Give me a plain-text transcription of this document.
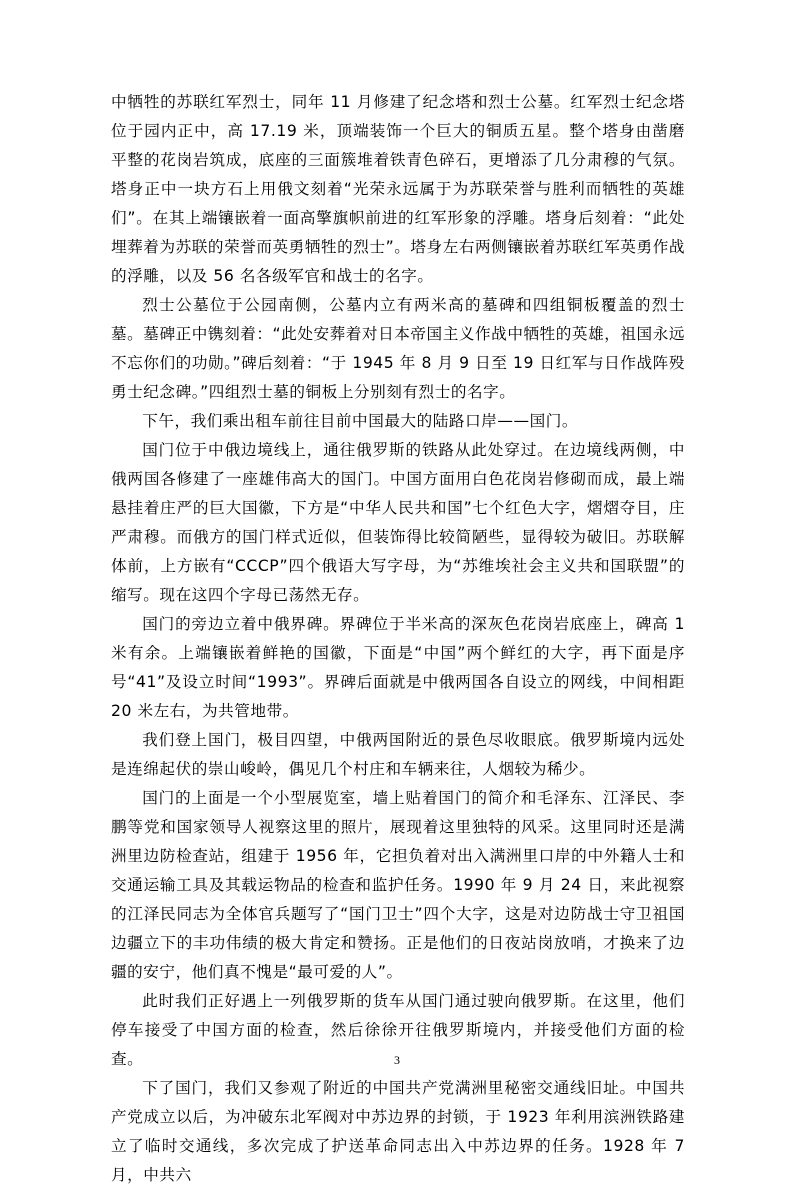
中牺牲的苏联红军烈士，同年 11 月修建了纪念塔和烈士公墓。红军烈士纪念塔位于园内正中，高 17.19 米，顶端装饰一个巨大的铜质五星。整个塔身由凿磨平整的花岗岩筑成，底座的三面簇堆着铁青色碎石，更增添了几分肃穆的气氛。塔身正中一块方石上用俄文刻着“光荣永远属于为苏联荣誉与胜利而牺牲的英雄们”。在其上端镶嵌着一面高擎旗帜前进的红军形象的浮雕。塔身后刻着：“此处埋葬着为苏联的荣誉而英勇牺牲的烈士”。塔身左右两侧镶嵌着苏联红军英勇作战的浮雕，以及 56 名各级军官和战士的名字。

烈士公墓位于公园南侧，公墓内立有两米高的墓碑和四组铜板覆盖的烈士墓。墓碑正中镌刻着：“此处安葬着对日本帝国主义作战中牺牲的英雄，祖国永远不忘你们的功勋。”碑后刻着：“于 1945 年 8 月 9 日至 19 日红军与日作战阵殁勇士纪念碑。”四组烈士墓的铜板上分别刻有烈士的名字。

下午，我们乘出租车前往目前中国最大的陆路口岸——国门。

国门位于中俄边境线上，通往俄罗斯的铁路从此处穿过。在边境线两侧，中俄两国各修建了一座雄伟高大的国门。中国方面用白色花岗岩修砌而成，最上端悬挂着庄严的巨大国徽，下方是“中华人民共和国”七个红色大字，熠熠夺目，庄严肃穆。而俄方的国门样式近似，但装饰得比较简陋些，显得较为破旧。苏联解体前，上方嵌有“CCCP”四个俄语大写字母，为“苏维埃社会主义共和国联盟”的缩写。现在这四个字母已荡然无存。

国门的旁边立着中俄界碑。界碑位于半米高的深灰色花岗岩底座上，碑高 1 米有余。上端镶嵌着鲜艳的国徽，下面是“中国”两个鲜红的大字，再下面是序号“41”及设立时间“1993”。界碑后面就是中俄两国各自设立的网线，中间相距 20 米左右，为共管地带。

我们登上国门，极目四望，中俄两国附近的景色尽收眼底。俄罗斯境内远处是连绵起伏的崇山峻岭，偶见几个村庄和车辆来往，人烟较为稀少。

国门的上面是一个小型展览室，墙上贴着国门的简介和毛泽东、江泽民、李鹏等党和国家领导人视察这里的照片，展现着这里独特的风采。这里同时还是满洲里边防检查站，组建于 1956 年，它担负着对出入满洲里口岸的中外籍人士和交通运输工具及其载运物品的检查和监护任务。1990 年 9 月 24 日，来此视察的江泽民同志为全体官兵题写了“国门卫士”四个大字，这是对边防战士守卫祖国边疆立下的丰功伟绩的极大肯定和赞扬。正是他们的日夜站岗放哨，才换来了边疆的安宁，他们真不愧是“最可爱的人”。

此时我们正好遇上一列俄罗斯的货车从国门通过驶向俄罗斯。在这里，他们停车接受了中国方面的检查，然后徐徐开往俄罗斯境内，并接受他们方面的检查。

下了国门，我们又参观了附近的中国共产党满洲里秘密交通线旧址。中国共产党成立以后，为冲破东北军阀对中苏边界的封锁，于 1923 年利用滨洲铁路建立了临时交通线，多次完成了护送革命同志出入中苏边界的任务。1928 年 7 月，中共六

3
